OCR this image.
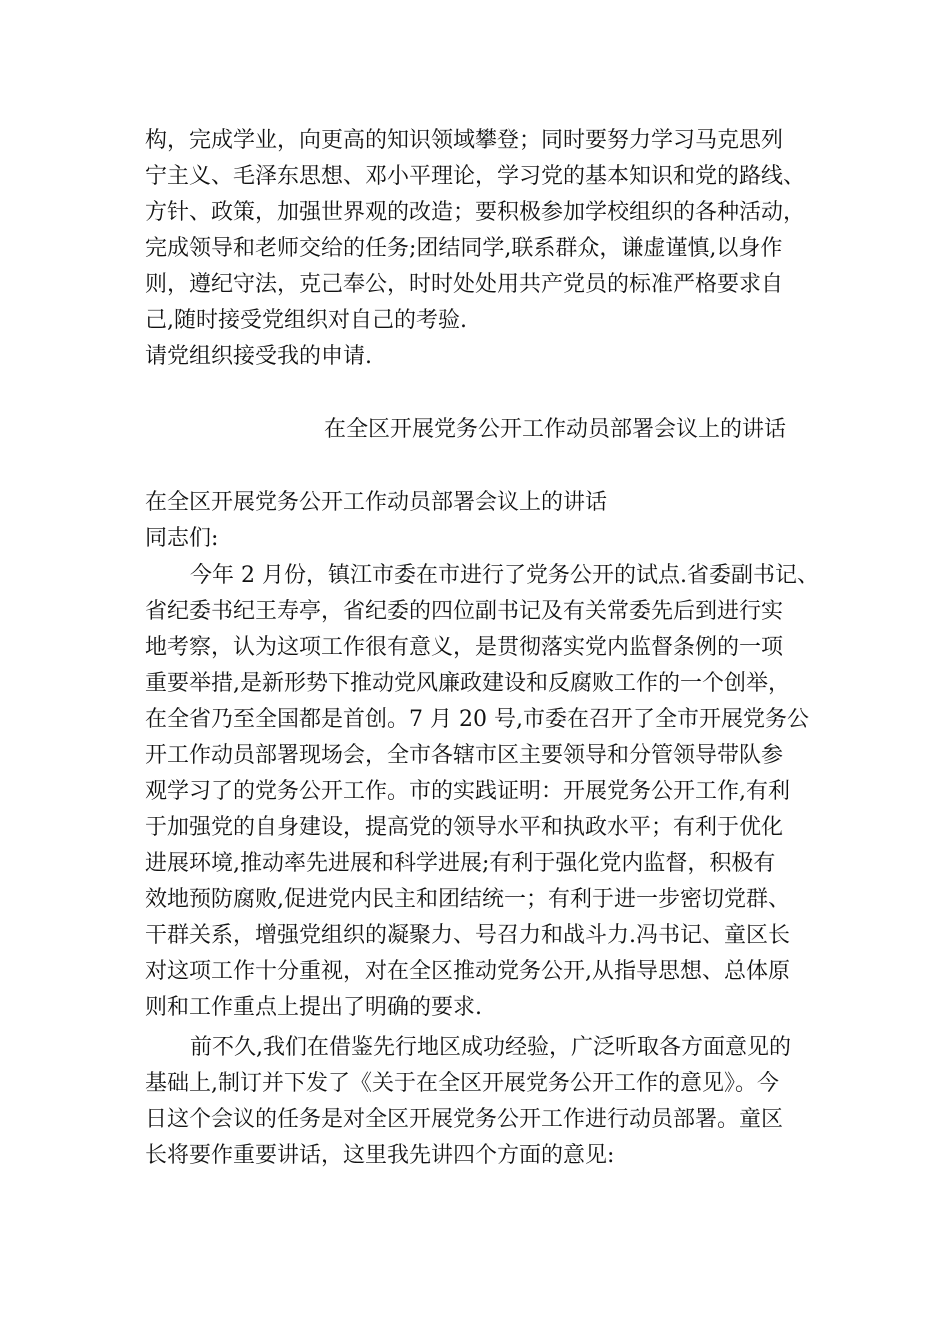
构，完成学业，向更高的知识领域攀登；同时要努力学习马克思列
宁主义、毛泽东思想、邓小平理论，学习党的基本知识和党的路线、
方针、政策，加强世界观的改造；要积极参加学校组织的各种活动，
完成领导和老师交给的任务;团结同学,联系群众，谦虚谨慎,以身作
则，遵纪守法，克己奉公，时时处处用共产党员的标准严格要求自
己,随时接受党组织对自己的考验.
请党组织接受我的申请.
在全区开展党务公开工作动员部署会议上的讲话
在全区开展党务公开工作动员部署会议上的讲话
同志们:
今年 2 月份，镇江市委在市进行了党务公开的试点.省委副书记、
省纪委书纪王寿亭，省纪委的四位副书记及有关常委先后到进行实
地考察，认为这项工作很有意义，是贯彻落实党内监督条例的一项
重要举措,是新形势下推动党风廉政建设和反腐败工作的一个创举，
在全省乃至全国都是首创。7 月 20 号,市委在召开了全市开展党务公
开工作动员部署现场会，全市各辖市区主要领导和分管领导带队参
观学习了的党务公开工作。市的实践证明：开展党务公开工作,有利
于加强党的自身建设，提高党的领导水平和执政水平；有利于优化
进展环境,推动率先进展和科学进展;有利于强化党内监督，积极有
效地预防腐败,促进党内民主和团结统一；有利于进一步密切党群、
干群关系，增强党组织的凝聚力、号召力和战斗力.冯书记、童区长
对这项工作十分重视，对在全区推动党务公开,从指导思想、总体原
则和工作重点上提出了明确的要求.
前不久,我们在借鉴先行地区成功经验，广泛听取各方面意见的
基础上,制订并下发了《关于在全区开展党务公开工作的意见》。今
日这个会议的任务是对全区开展党务公开工作进行动员部署。童区
长将要作重要讲话，这里我先讲四个方面的意见:
